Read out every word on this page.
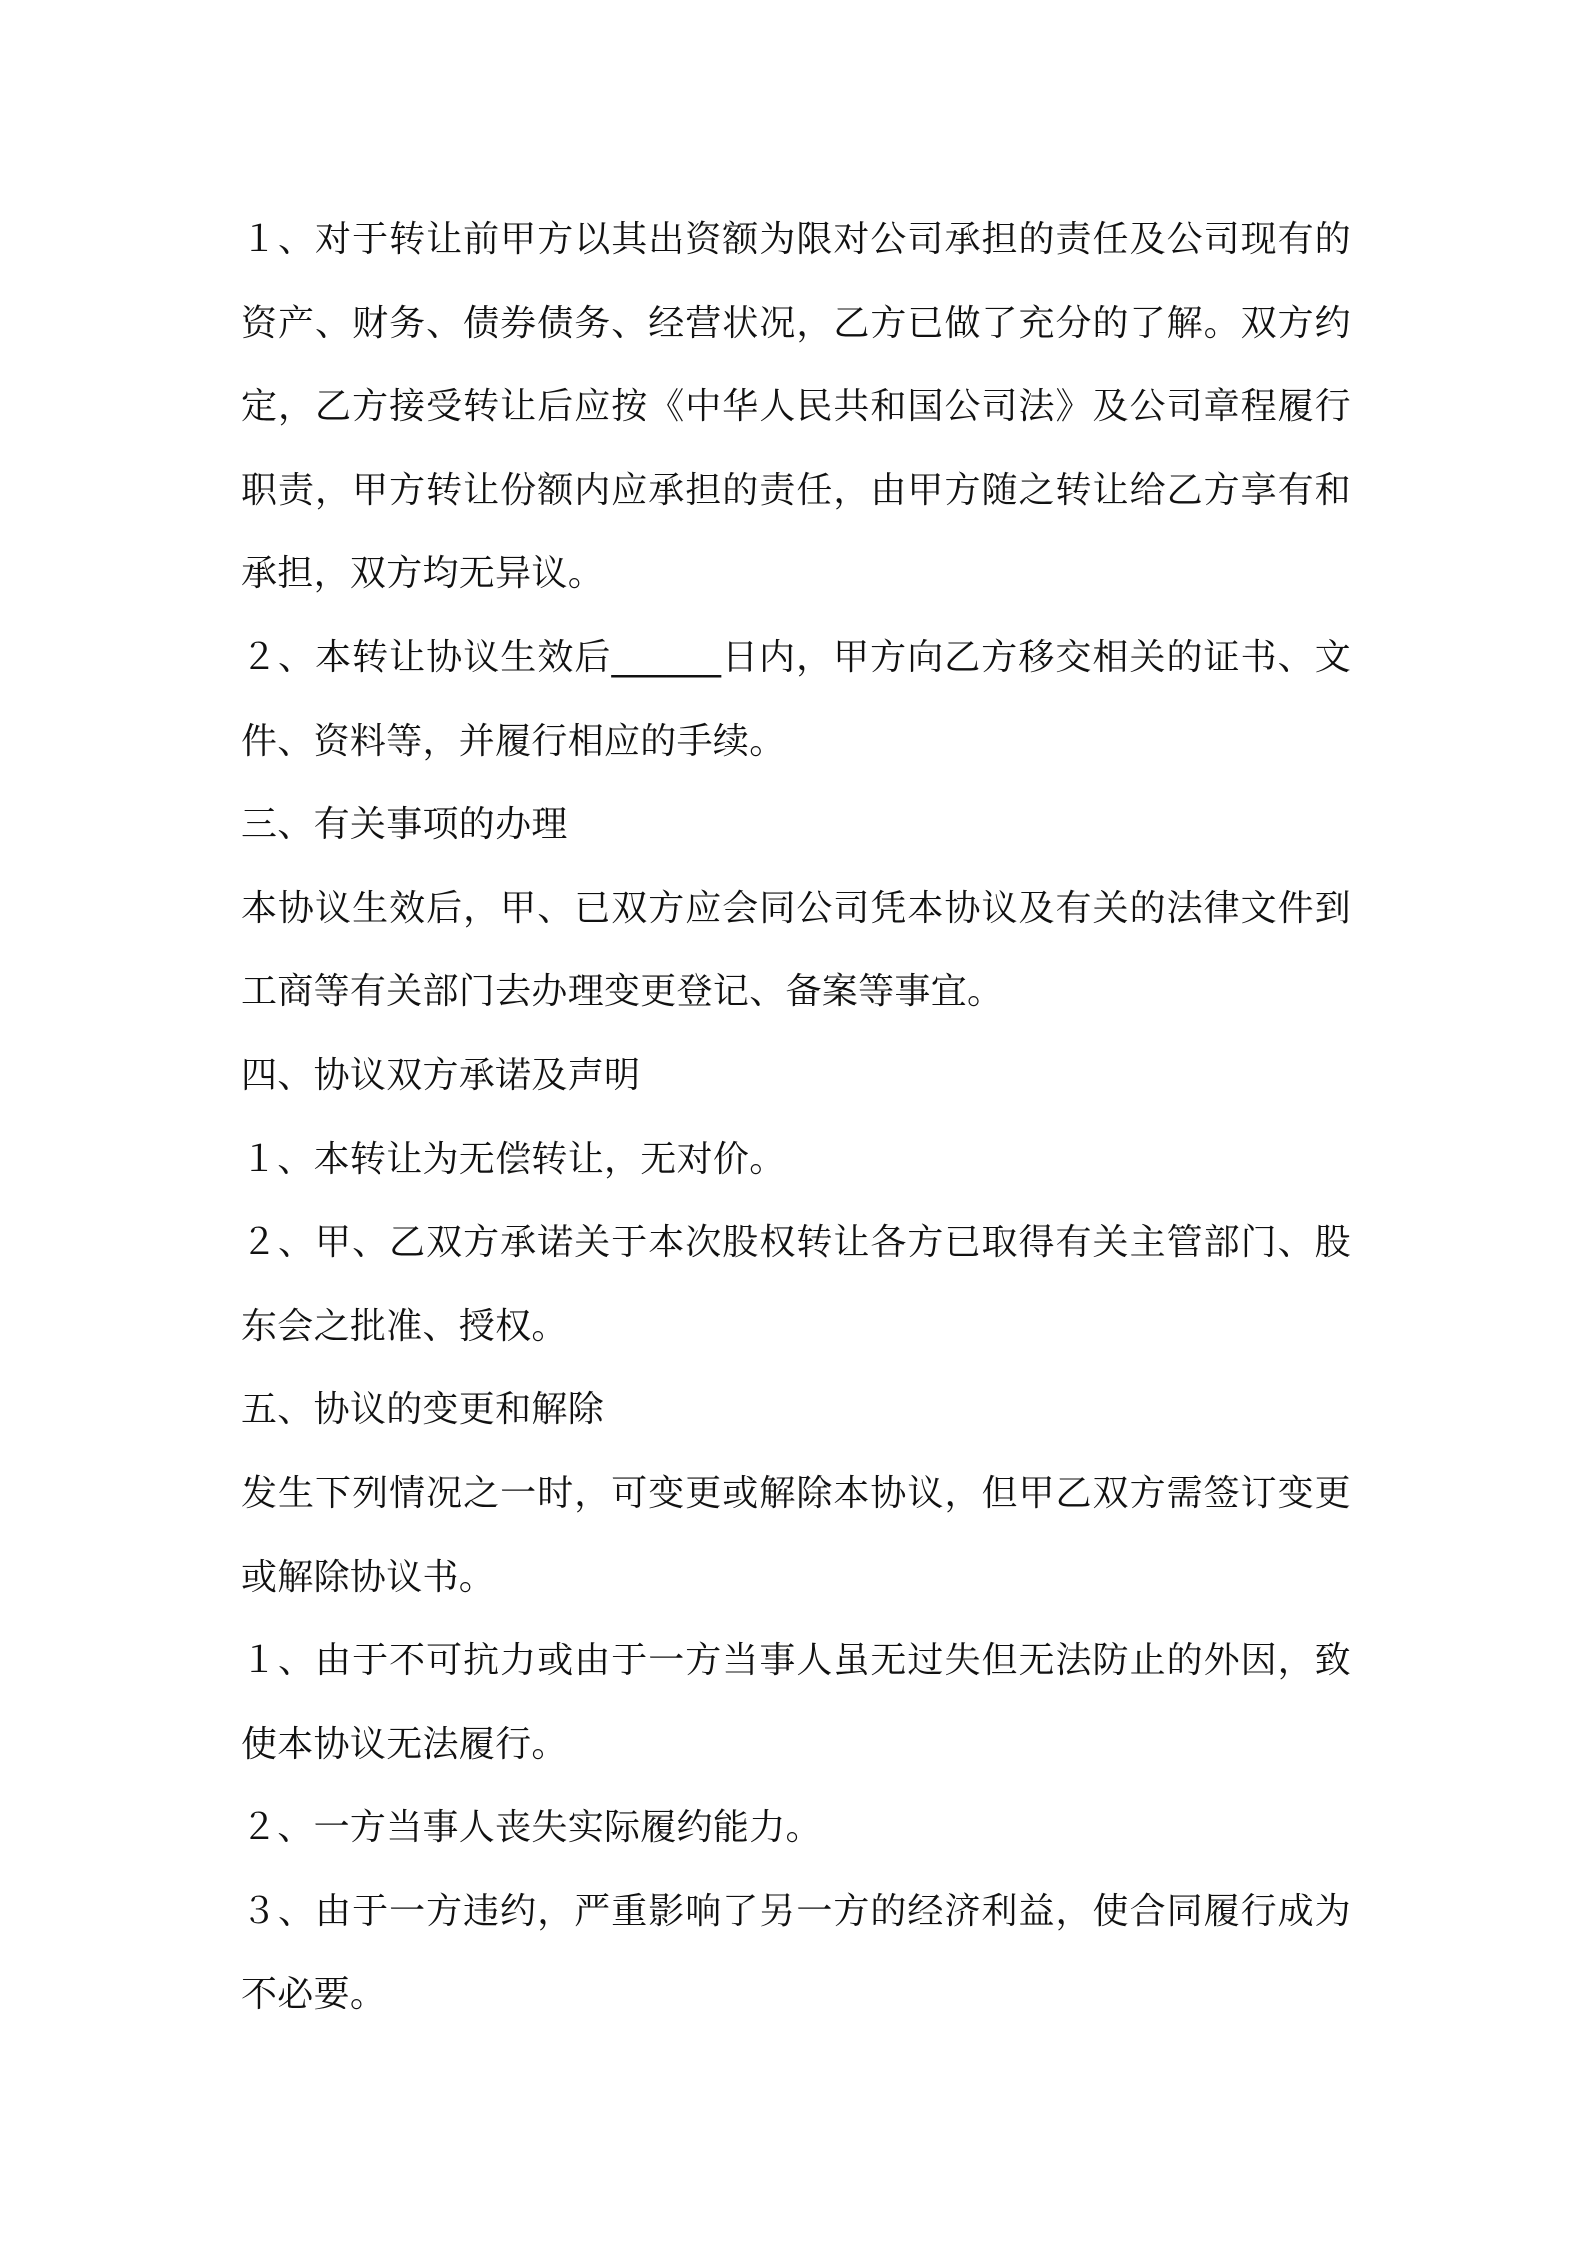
１、对于转让前甲方以其出资额为限对公司承担的责任及公司现有的资产、财务、债券债务、经营状况，乙方已做了充分的了解。双方约定，乙方接受转让后应按《中华人民共和国公司法》及公司章程履行职责，甲方转让份额内应承担的责任，由甲方随之转让给乙方享有和承担，双方均无异议。

２、本转让协议生效后______日内，甲方向乙方移交相关的证书、文件、资料等，并履行相应的手续。

三、有关事项的办理

本协议生效后，甲、已双方应会同公司凭本协议及有关的法律文件到工商等有关部门去办理变更登记、备案等事宜。

四、协议双方承诺及声明

１、本转让为无偿转让，无对价。

２、甲、乙双方承诺关于本次股权转让各方已取得有关主管部门、股东会之批准、授权。

五、协议的变更和解除

发生下列情况之一时，可变更或解除本协议，但甲乙双方需签订变更或解除协议书。

１、由于不可抗力或由于一方当事人虽无过失但无法防止的外因，致使本协议无法履行。

２、一方当事人丧失实际履约能力。

３、由于一方违约，严重影响了另一方的经济利益，使合同履行成为不必要。
